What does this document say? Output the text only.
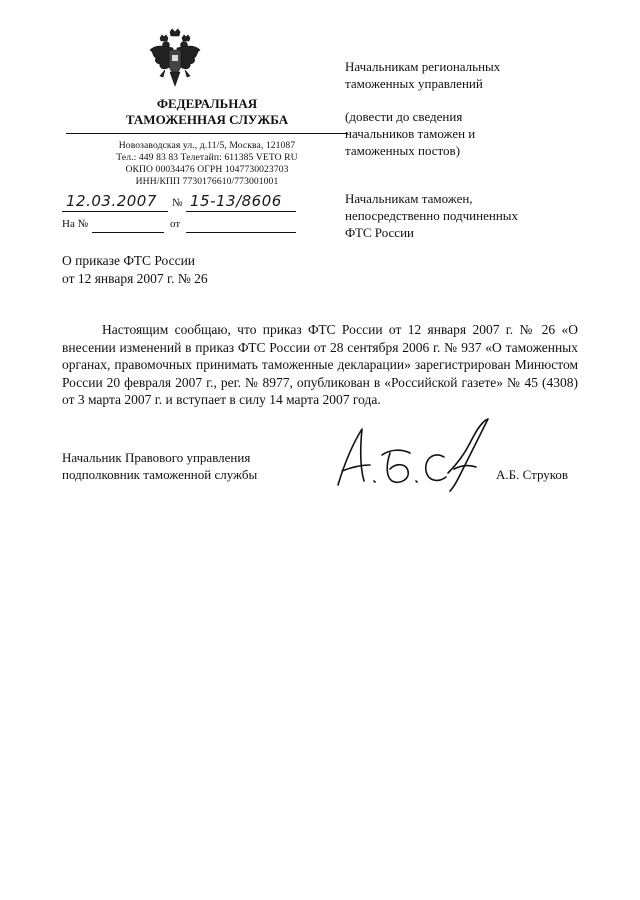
ФЕДЕРАЛЬНАЯ
ТАМОЖЕННАЯ СЛУЖБА
Новозаводская ул., д.11/5, Москва, 121087
Тел.: 449 83 83 Телетайп: 611385 VETO RU
ОКПО 00034476 ОГРН 1047730023703
ИНН/КПП 7730176610/773001001
12.03.2007 № 15-13/8606
На №	от
Начальникам региональных
таможенных управлений
(довести до сведения
начальников таможен и
таможенных постов)
Начальникам таможен,
непосредственно подчиненных
ФТС России
О приказе ФТС России
от 12 января 2007 г. № 26
Настоящим сообщаю, что приказ ФТС России от 12 января 2007 г. № 26 «О внесении изменений в приказ ФТС России от 28 сентября 2006 г. № 937 «О таможенных органах, правомочных принимать таможенные декларации» зарегистрирован Минюстом России 20 февраля 2007 г., рег. № 8977, опубликован в «Российской газете» № 45 (4308) от 3 марта 2007 г. и вступает в силу 14 марта 2007 года.
Начальник Правового управления
подполковник таможенной службы	А.Б. Струков
